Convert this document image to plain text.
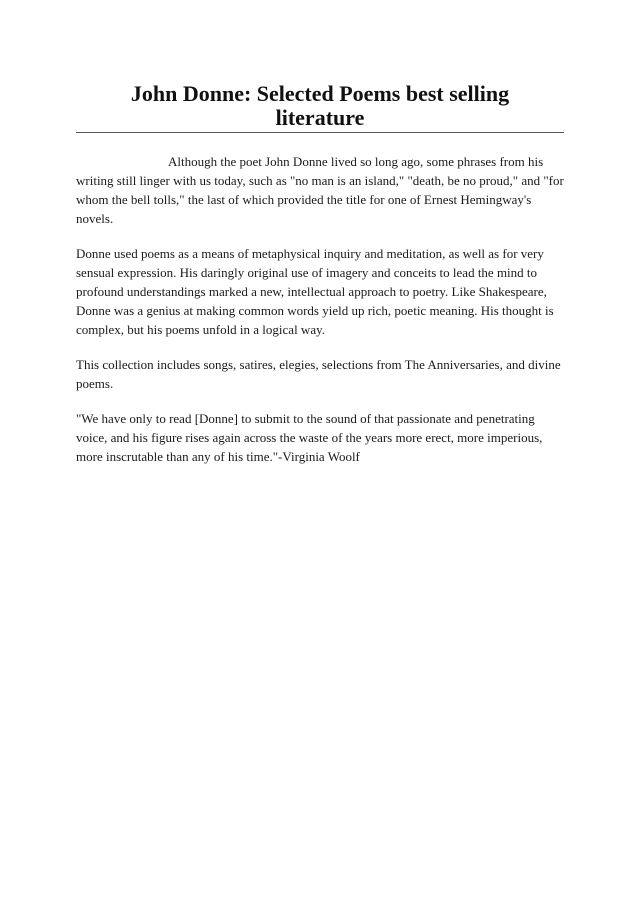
John Donne: Selected Poems best selling
literature

Although the poet John Donne lived so long ago, some phrases from his writing still linger with us today, such as "no man is an island," "death, be no proud," and "for whom the bell tolls," the last of which provided the title for one of Ernest Hemingway's novels.

Donne used poems as a means of metaphysical inquiry and meditation, as well as for very sensual expression. His daringly original use of imagery and conceits to lead the mind to profound understandings marked a new, intellectual approach to poetry. Like Shakespeare, Donne was a genius at making common words yield up rich, poetic meaning. His thought is complex, but his poems unfold in a logical way.

This collection includes songs, satires, elegies, selections from The Anniversaries, and divine poems.

"We have only to read [Donne] to submit to the sound of that passionate and penetrating voice, and his figure rises again across the waste of the years more erect, more imperious, more inscrutable than any of his time."-Virginia Woolf
